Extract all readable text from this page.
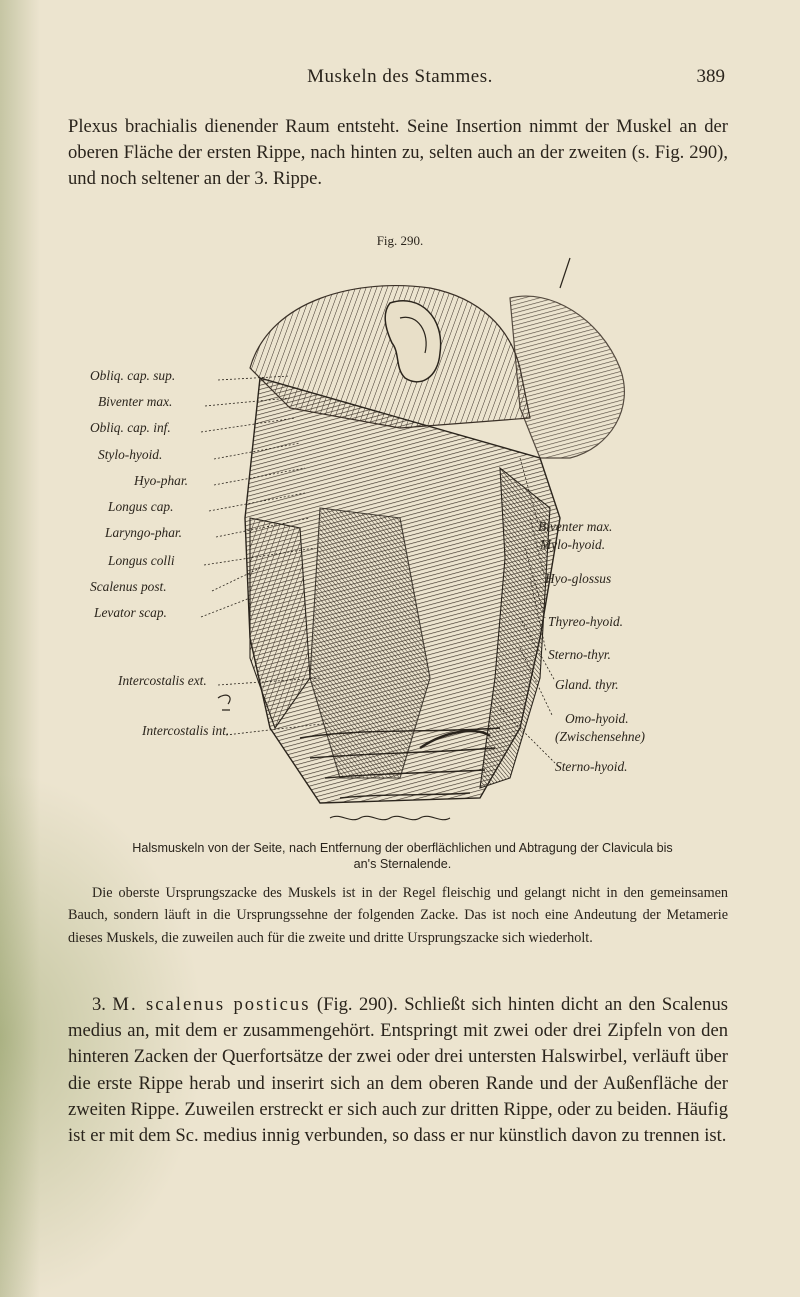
Muskeln des Stammes.	389

Plexus brachialis dienender Raum entsteht. Seine Insertion nimmt der Muskel an der oberen Fläche der ersten Rippe, nach hinten zu, selten auch an der zweiten (s. Fig. 290), und noch seltener an der 3. Rippe.

Fig. 290.
Obliq. cap. sup.
Biventer max.
Obliq. cap. inf.
Stylo-hyoid.
Hyo-phar.
Longus cap.
Laryngo-phar.
Longus colli
Scalenus post.
Levator scap.
Intercostalis ext.
Intercostalis int.
Biventer max.
Mylo-hyoid.
Hyo-glossus
Thyreo-hyoid.
Sterno-thyr.
Gland. thyr.
Omo-hyoid.
(Zwischensehne)
Sterno-hyoid.
Halsmuskeln von der Seite, nach Entfernung der oberflächlichen und Abtragung der Clavicula bis an's Sternalende.

Die oberste Ursprungszacke des Muskels ist in der Regel fleischig und gelangt nicht in den gemeinsamen Bauch, sondern läuft in die Ursprungssehne der folgenden Zacke. Das ist noch eine Andeutung der Metamerie dieses Muskels, die zuweilen auch für die zweite und dritte Ursprungszacke sich wiederholt.

3. M. scalenus posticus (Fig. 290). Schließt sich hinten dicht an den Scalenus medius an, mit dem er zusammengehört. Entspringt mit zwei oder drei Zipfeln von den hinteren Zacken der Querfortsätze der zwei oder drei untersten Halswirbel, verläuft über die erste Rippe herab und inserirt sich an dem oberen Rande und der Außenfläche der zweiten Rippe. Zuweilen erstreckt er sich auch zur dritten Rippe, oder zu beiden. Häufig ist er mit dem Sc. medius innig verbunden, so dass er nur künstlich davon zu trennen ist.
